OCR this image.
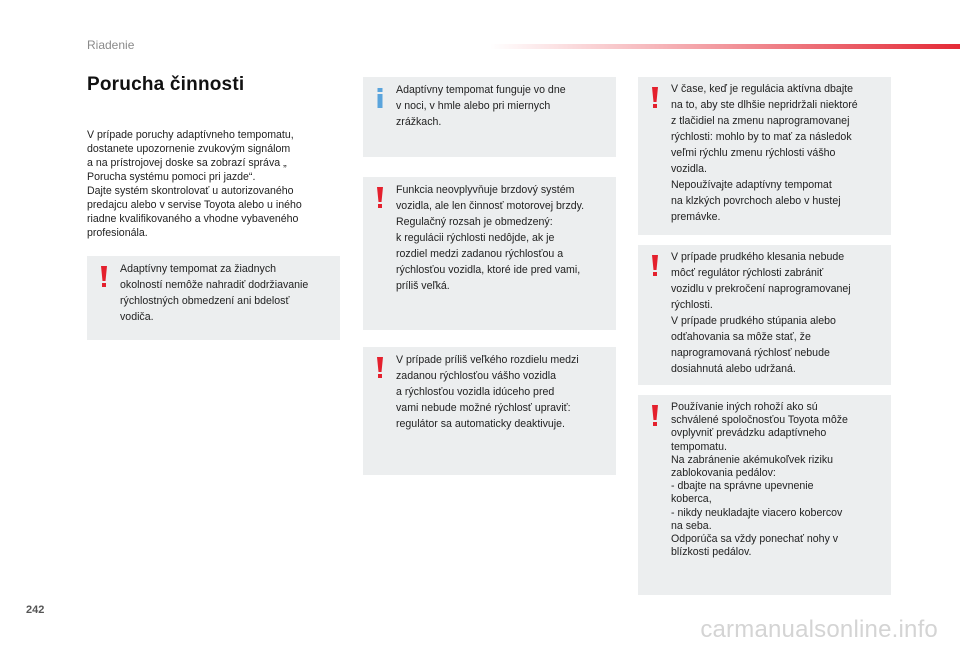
Riadenie
Porucha činnosti
V prípade poruchy adaptívneho tempomatu,
dostanete upozornenie zvukovým signálom
a na prístrojovej doske sa zobrazí správa „
Porucha systému pomoci pri jazde“.
Dajte systém skontrolovať u autorizovaného
predajcu alebo v servise Toyota alebo u iného
riadne kvalifikovaného a vhodne vybaveného
profesionála.
Adaptívny tempomat za žiadnych
okolností nemôže nahradiť dodržiavanie
rýchlostných obmedzení ani bdelosť
vodiča.
Adaptívny tempomat funguje vo dne
v noci, v hmle alebo pri miernych
zrážkach.
Funkcia neovplyvňuje brzdový systém
vozidla, ale len činnosť motorovej brzdy.
Regulačný rozsah je obmedzený:
k regulácii rýchlosti nedôjde, ak je
rozdiel medzi zadanou rýchlosťou a
rýchlosťou vozidla, ktoré ide pred vami,
príliš veľká.
V prípade príliš veľkého rozdielu medzi
zadanou rýchlosťou vášho vozidla
a rýchlosťou vozidla idúceho pred
vami nebude možné rýchlosť upraviť:
regulátor sa automaticky deaktivuje.
V čase, keď je regulácia aktívna dbajte
na to, aby ste dlhšie nepridržali niektoré
z tlačidiel na zmenu naprogramovanej
rýchlosti: mohlo by to mať za následok
veľmi rýchlu zmenu rýchlosti vášho
vozidla.
Nepoužívajte adaptívny tempomat
na klzkých povrchoch alebo v hustej
premávke.
V prípade prudkého klesania nebude
môcť regulátor rýchlosti zabrániť
vozidlu v prekročení naprogramovanej
rýchlosti.
V prípade prudkého stúpania alebo
odťahovania sa môže stať, že
naprogramovaná rýchlosť nebude
dosiahnutá alebo udržaná.
Používanie iných rohoží ako sú
schválené spoločnosťou Toyota môže
ovplyvniť prevádzku adaptívneho
tempomatu.
Na zabránenie akémukoľvek riziku
zablokovania pedálov:
- dbajte na správne upevnenie
koberca,
- nikdy neukladajte viacero kobercov
na seba.
Odporúča sa vždy ponechať nohy v
blízkosti pedálov.
242
carmanualsonline.info
